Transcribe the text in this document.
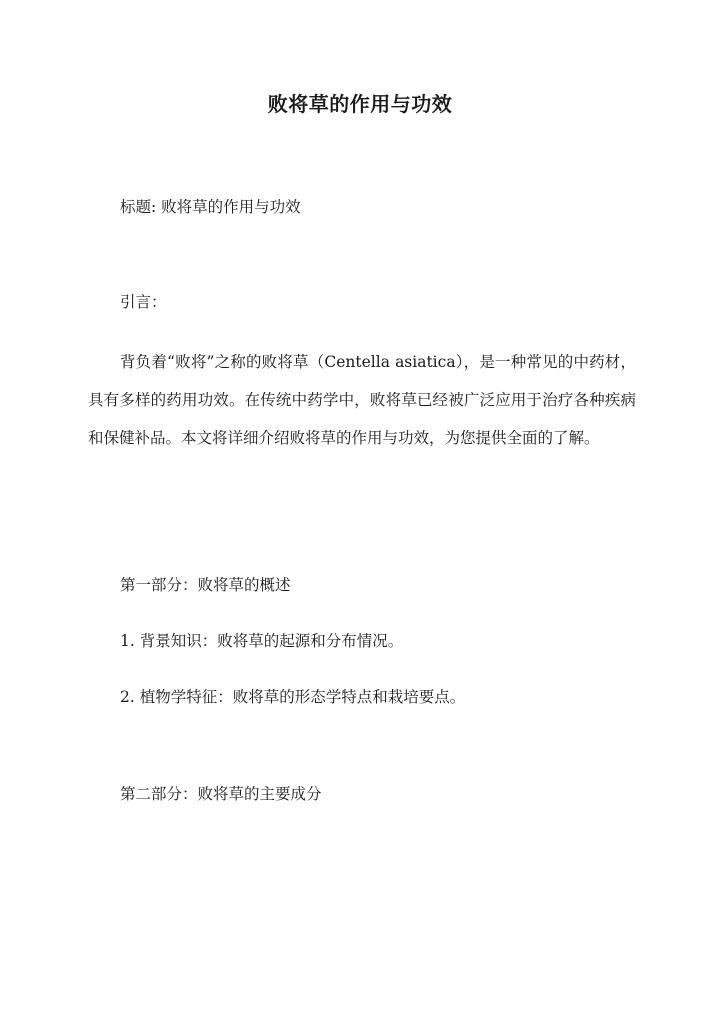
败将草的作用与功效
标题: 败将草的作用与功效
引言：
背负着“败将”之称的败将草（Centella asiatica），是一种常见的中药材，具有多样的药用功效。在传统中药学中，败将草已经被广泛应用于治疗各种疾病和保健补品。本文将详细介绍败将草的作用与功效，为您提供全面的了解。
第一部分：败将草的概述
1. 背景知识：败将草的起源和分布情况。
2. 植物学特征：败将草的形态学特点和栽培要点。
第二部分：败将草的主要成分
